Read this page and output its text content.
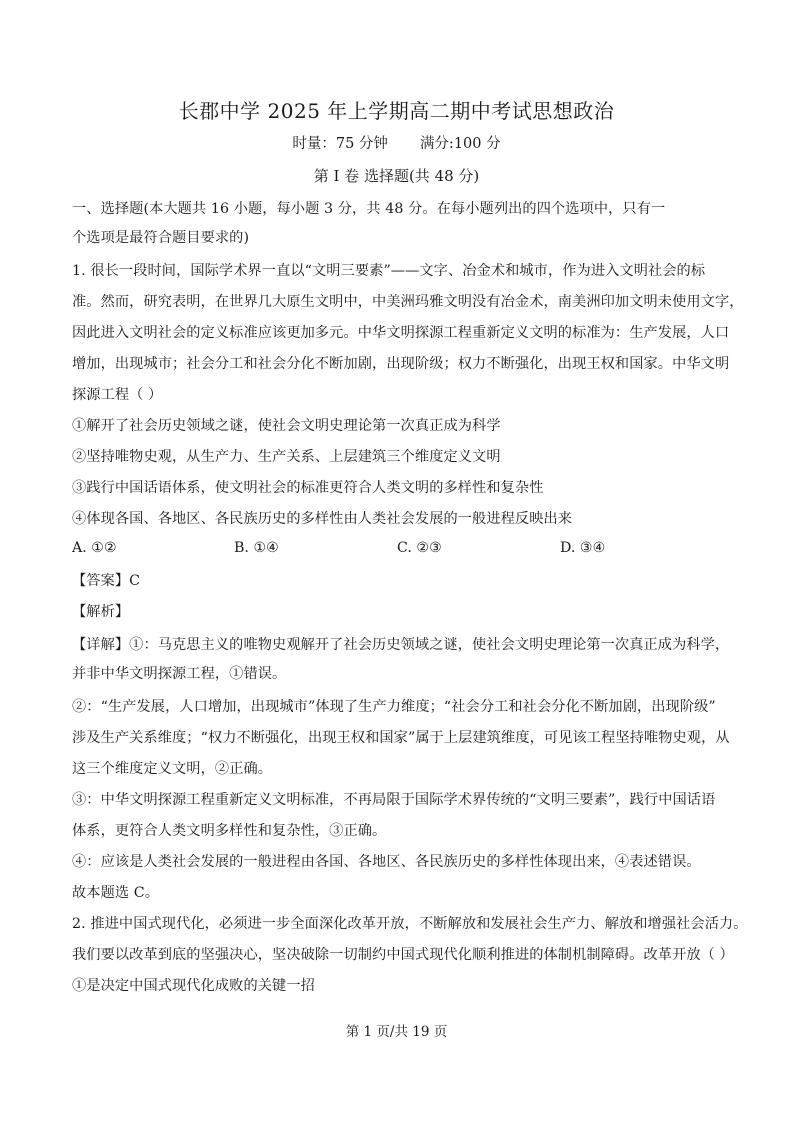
长郡中学 2025 年上学期高二期中考试思想政治
时量：75 分钟 满分:100 分
第 I 卷 选择题(共 48 分)
一、选择题(本大题共 16 小题，每小题 3 分，共 48 分。在每小题列出的四个选项中，只有一
个选项是最符合题目要求的)
1. 很长一段时间，国际学术界一直以“文明三要素”——文字、冶金术和城市，作为进入文明社会的标
准。然而，研究表明，在世界几大原生文明中，中美洲玛雅文明没有冶金术，南美洲印加文明未使用文字，
因此进入文明社会的定义标准应该更加多元。中华文明探源工程重新定义文明的标准为：生产发展，人口
增加，出现城市；社会分工和社会分化不断加剧，出现阶级；权力不断强化，出现王权和国家。中华文明
探源工程（ ）
①解开了社会历史领域之谜，使社会文明史理论第一次真正成为科学
②坚持唯物史观，从生产力、生产关系、上层建筑三个维度定义文明
③践行中国话语体系，使文明社会的标准更符合人类文明的多样性和复杂性
④体现各国、各地区、各民族历史的多样性由人类社会发展的一般进程反映出来
A. ①②	B. ①④	C. ②③	D. ③④
【答案】C
【解析】
【详解】①：马克思主义的唯物史观解开了社会历史领域之谜，使社会文明史理论第一次真正成为科学，
并非中华文明探源工程，①错误。
②：“生产发展，人口增加，出现城市”体现了生产力维度；“社会分工和社会分化不断加剧，出现阶级”
涉及生产关系维度；“权力不断强化，出现王权和国家”属于上层建筑维度，可见该工程坚持唯物史观，从
这三个维度定义文明，②正确。
③：中华文明探源工程重新定义文明标准，不再局限于国际学术界传统的“文明三要素”，践行中国话语
体系，更符合人类文明多样性和复杂性，③正确。
④：应该是人类社会发展的一般进程由各国、各地区、各民族历史的多样性体现出来，④表述错误。
故本题选 C。
2. 推进中国式现代化，必须进一步全面深化改革开放，不断解放和发展社会生产力、解放和增强社会活力。
我们要以改革到底的坚强决心，坚决破除一切制约中国式现代化顺利推进的体制机制障碍。改革开放（ ）
①是决定中国式现代化成败的关键一招
第 1 页/共 19 页
